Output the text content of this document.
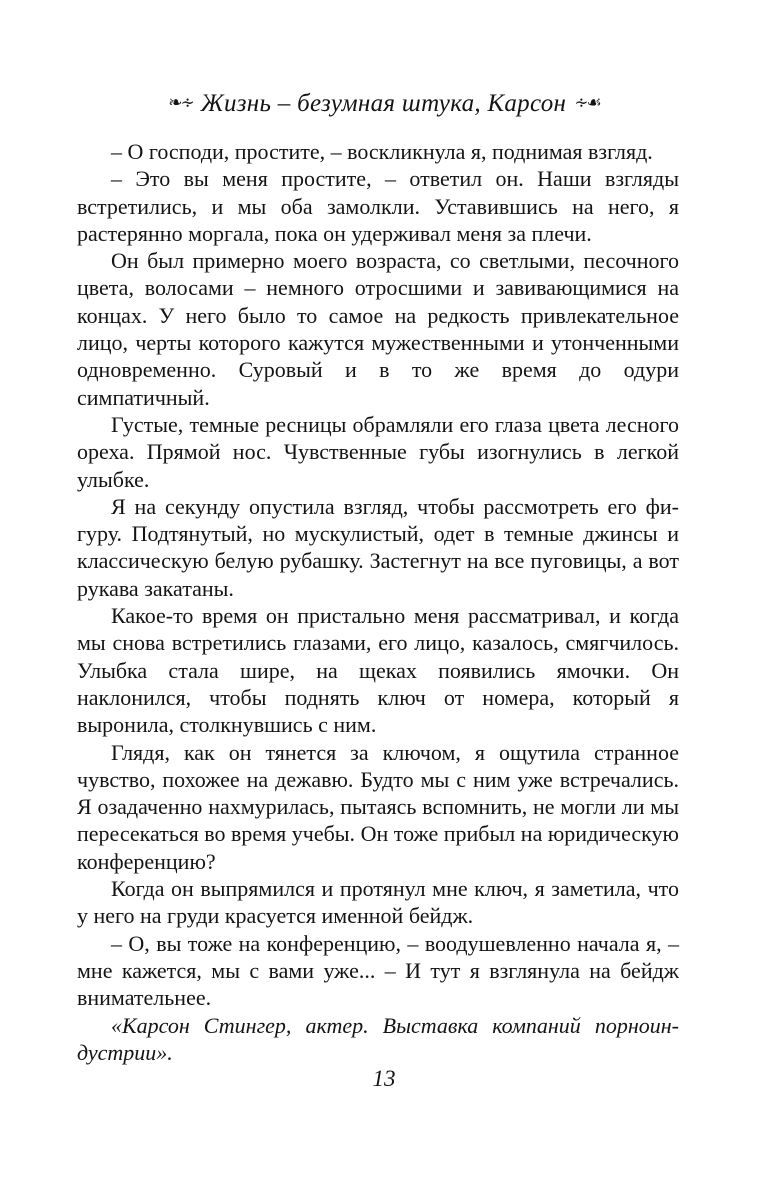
❧∻ Жизнь – безумная штука, Карсон ∻☙

– О господи, простите, – воскликнула я, поднимая взгляд.

– Это вы меня простите, – ответил он. Наши взгляды встретились, и мы оба замолкли. Уставившись на него, я растерянно моргала, пока он удерживал меня за плечи.

Он был примерно моего возраста, со светлыми, песочного цвета, волосами – немного отросшими и завивающимися на концах. У него было то самое на редкость привлекательное лицо, черты которого кажутся мужественными и утонченными одновременно. Суровый и в то же время до одури симпатичный.

Густые, темные ресницы обрамляли его глаза цвета лесного ореха. Прямой нос. Чувственные губы изогнулись в легкой улыбке.

Я на секунду опустила взгляд, чтобы рассмотреть его фигуру. Подтянутый, но мускулистый, одет в темные джинсы и классическую белую рубашку. Застегнут на все пуговицы, а вот рукава закатаны.

Какое-то время он пристально меня рассматривал, и когда мы снова встретились глазами, его лицо, казалось, смягчилось. Улыбка стала шире, на щеках появились ямочки. Он наклонился, чтобы поднять ключ от номера, который я выронила, столкнувшись с ним.

Глядя, как он тянется за ключом, я ощутила странное чувство, похожее на дежавю. Будто мы с ним уже встречались. Я озадаченно нахмурилась, пытаясь вспомнить, не могли ли мы пересекаться во время учебы. Он тоже прибыл на юридическую конференцию?

Когда он выпрямился и протянул мне ключ, я заметила, что у него на груди красуется именной бейдж.

– О, вы тоже на конференцию, – воодушевленно начала я, – мне кажется, мы с вами уже... – И тут я взглянула на бейдж внимательнее.

«Карсон Стингер, актер. Выставка компаний порноиндустрии».

13
